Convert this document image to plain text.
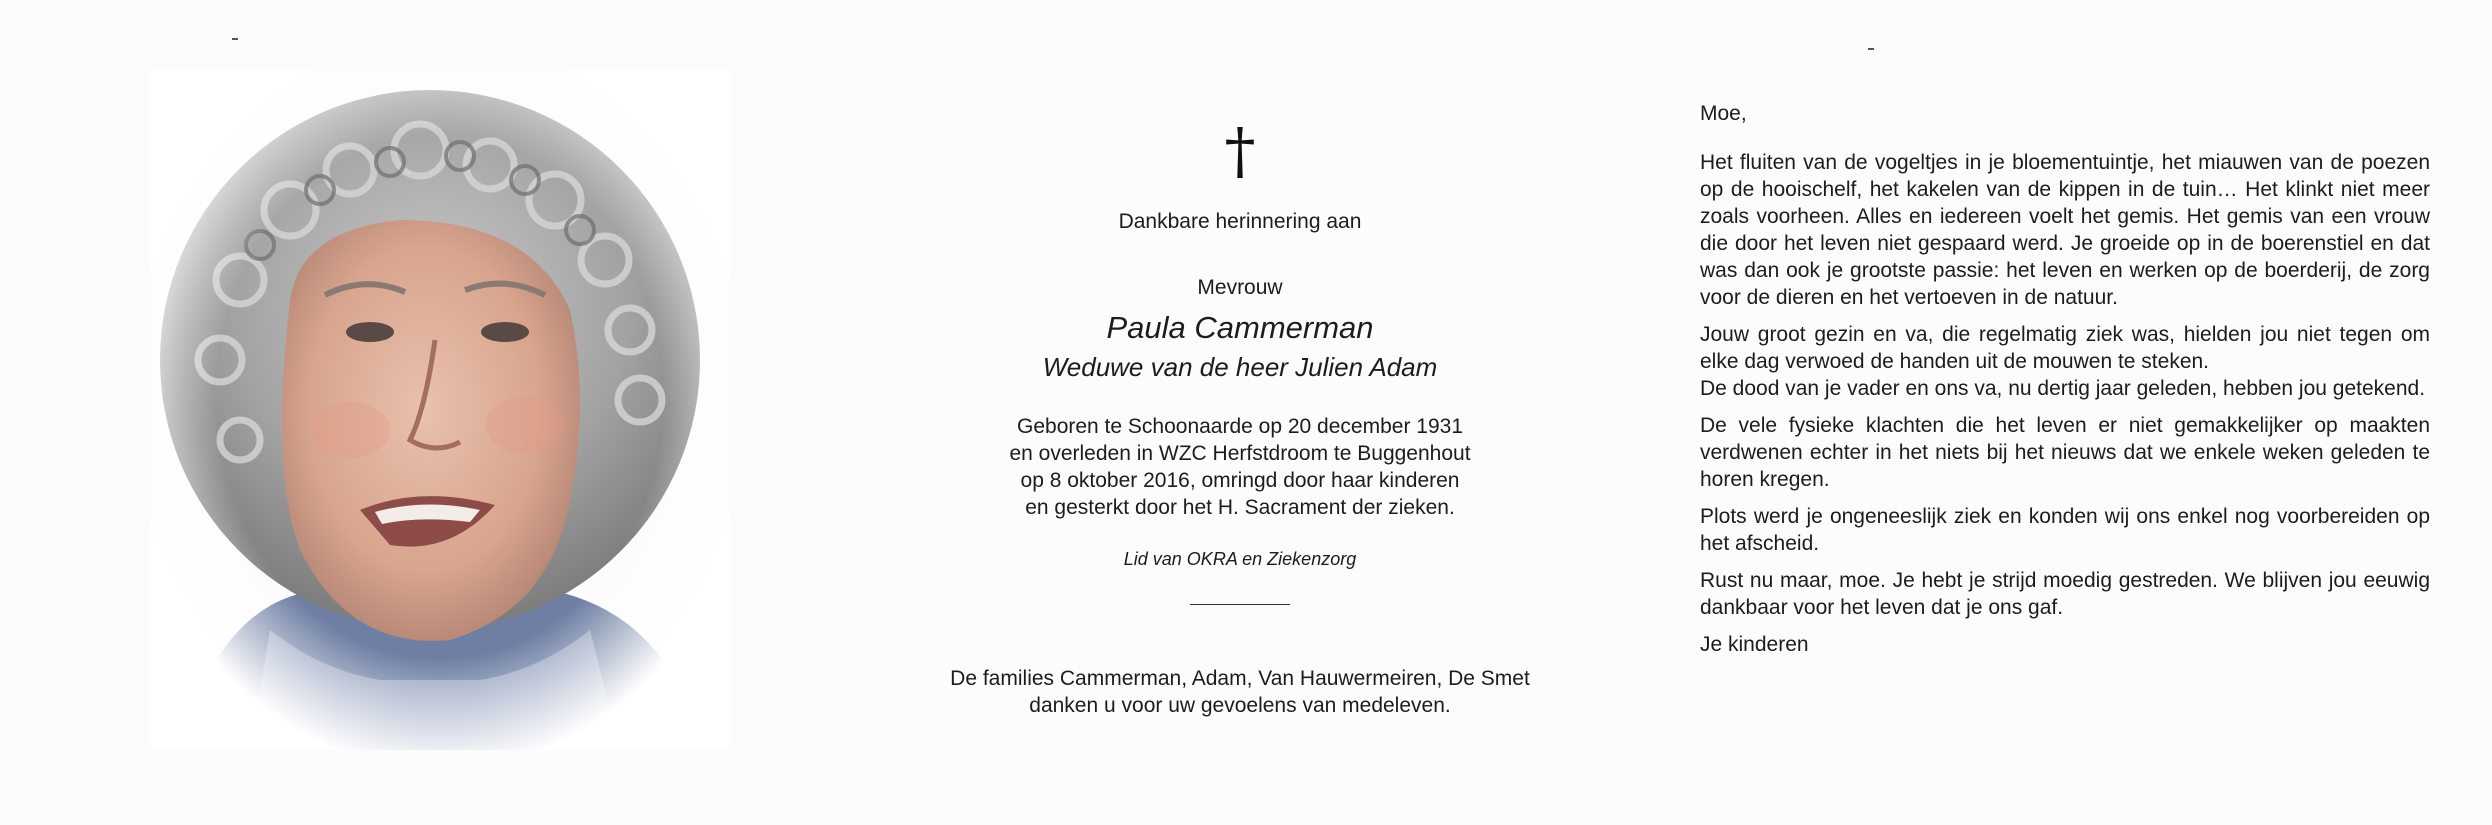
†
Dankbare herinnering aan
Mevrouw
Paula Cammerman
Weduwe van de heer Julien Adam
Geboren te Schoonaarde op 20 december 1931
en overleden in WZC Herfstdroom te Buggenhout
op 8 oktober 2016, omringd door haar kinderen
en gesterkt door het H. Sacrament der zieken.
Lid van OKRA en Ziekenzorg
De families Cammerman, Adam, Van Hauwermeiren, De Smet
danken u voor uw gevoelens van medeleven.

Moe,

Het fluiten van de vogeltjes in je bloementuintje, het miauwen van de poezen op de hooischelf, het kakelen van de kippen in de tuin… Het klinkt niet meer zoals voorheen. Alles en iedereen voelt het gemis. Het gemis van een vrouw die door het leven niet gespaard werd. Je groeide op in de boerenstiel en dat was dan ook je grootste passie: het leven en werken op de boerderij, de zorg voor de dieren en het vertoeven in de natuur.

Jouw groot gezin en va, die regelmatig ziek was, hielden jou niet tegen om elke dag verwoed de handen uit de mouwen te steken.

De dood van je vader en ons va, nu dertig jaar geleden, hebben jou getekend.

De vele fysieke klachten die het leven er niet gemakkelijker op maakten verdwenen echter in het niets bij het nieuws dat we enkele weken geleden te horen kregen.

Plots werd je ongeneeslijk ziek en konden wij ons enkel nog voorbereiden op het afscheid.

Rust nu maar, moe. Je hebt je strijd moedig gestreden. We blijven jou eeuwig dankbaar voor het leven dat je ons gaf.

Je kinderen
